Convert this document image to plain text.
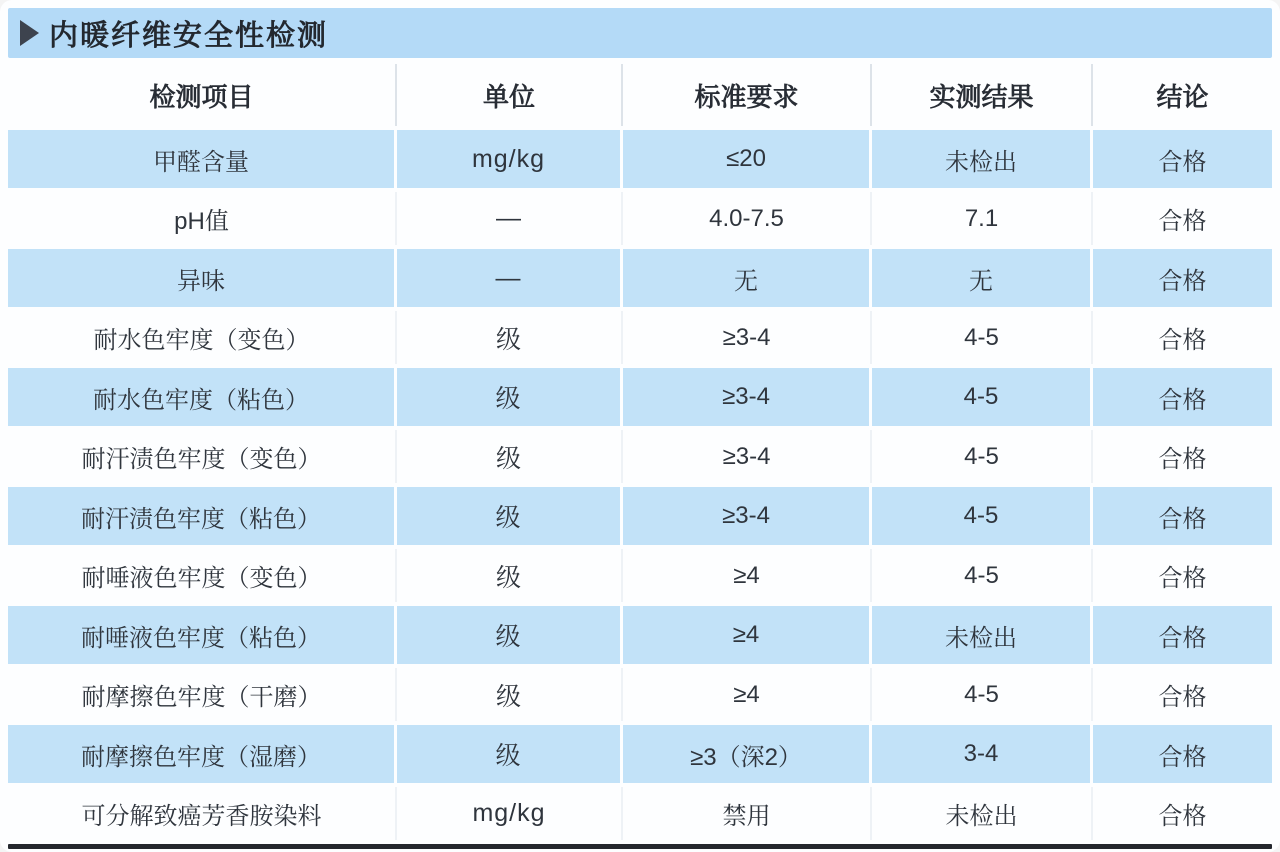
内暖纤维安全性检测
检测项目	单位	标准要求	实测结果	结论
甲醛含量	mg/kg	≤20	未检出	合格
pH值	—	4.0-7.5	7.1	合格
异味	—	无	无	合格
耐水色牢度（变色）	级	≥3-4	4-5	合格
耐水色牢度（粘色）	级	≥3-4	4-5	合格
耐汗渍色牢度（变色）	级	≥3-4	4-5	合格
耐汗渍色牢度（粘色）	级	≥3-4	4-5	合格
耐唾液色牢度（变色）	级	≥4	4-5	合格
耐唾液色牢度（粘色）	级	≥4	未检出	合格
耐摩擦色牢度（干磨）	级	≥4	4-5	合格
耐摩擦色牢度（湿磨）	级	≥3（深2）	3-4	合格
可分解致癌芳香胺染料	mg/kg	禁用	未检出	合格
